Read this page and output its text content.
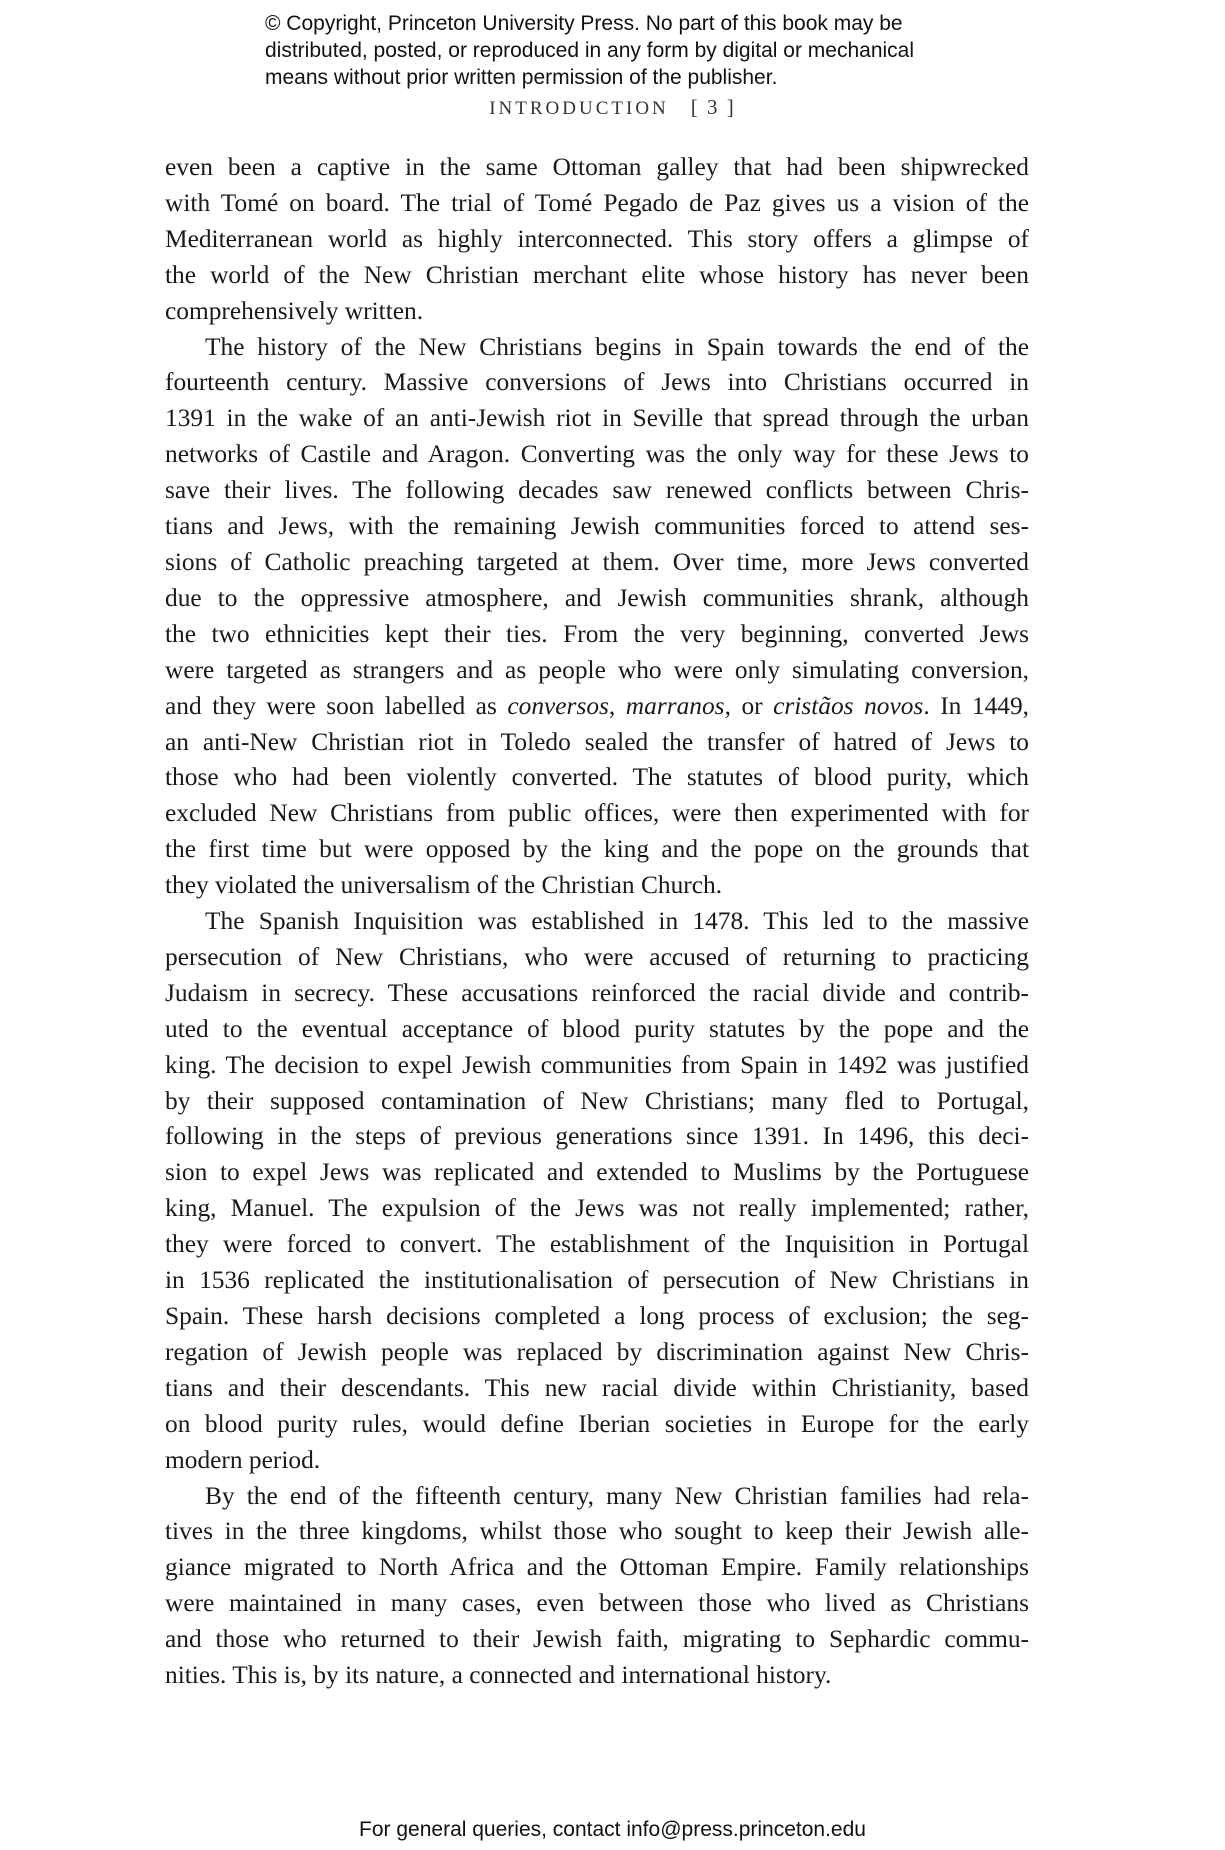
© Copyright, Princeton University Press. No part of this book may be
distributed, posted, or reproduced in any form by digital or mechanical
means without prior written permission of the publisher.
INTRODUCTION [ 3 ]

even been a captive in the same Ottoman galley that had been shipwrecked
with Tomé on board. The trial of Tomé Pegado de Paz gives us a vision of the
Mediterranean world as highly interconnected. This story offers a glimpse of
the world of the New Christian merchant elite whose history has never been
comprehensively written.

The history of the New Christians begins in Spain towards the end of the
fourteenth century. Massive conversions of Jews into Christians occurred in
1391 in the wake of an anti-Jewish riot in Seville that spread through the urban
networks of Castile and Aragon. Converting was the only way for these Jews to
save their lives. The following decades saw renewed conflicts between Chris-
tians and Jews, with the remaining Jewish communities forced to attend ses-
sions of Catholic preaching targeted at them. Over time, more Jews converted
due to the oppressive atmosphere, and Jewish communities shrank, although
the two ethnicities kept their ties. From the very beginning, converted Jews
were targeted as strangers and as people who were only simulating conversion,
and they were soon labelled as conversos, marranos, or cristãos novos. In 1449,
an anti-New Christian riot in Toledo sealed the transfer of hatred of Jews to
those who had been violently converted. The statutes of blood purity, which
excluded New Christians from public offices, were then experimented with for
the first time but were opposed by the king and the pope on the grounds that
they violated the universalism of the Christian Church.

The Spanish Inquisition was established in 1478. This led to the massive
persecution of New Christians, who were accused of returning to practicing
Judaism in secrecy. These accusations reinforced the racial divide and contrib-
uted to the eventual acceptance of blood purity statutes by the pope and the
king. The decision to expel Jewish communities from Spain in 1492 was justified
by their supposed contamination of New Christians; many fled to Portugal,
following in the steps of previous generations since 1391. In 1496, this deci-
sion to expel Jews was replicated and extended to Muslims by the Portuguese
king, Manuel. The expulsion of the Jews was not really implemented; rather,
they were forced to convert. The establishment of the Inquisition in Portugal
in 1536 replicated the institutionalisation of persecution of New Christians in
Spain. These harsh decisions completed a long process of exclusion; the seg-
regation of Jewish people was replaced by discrimination against New Chris-
tians and their descendants. This new racial divide within Christianity, based
on blood purity rules, would define Iberian societies in Europe for the early
modern period.

By the end of the fifteenth century, many New Christian families had rela-
tives in the three kingdoms, whilst those who sought to keep their Jewish alle-
giance migrated to North Africa and the Ottoman Empire. Family relationships
were maintained in many cases, even between those who lived as Christians
and those who returned to their Jewish faith, migrating to Sephardic commu-
nities. This is, by its nature, a connected and international history.

For general queries, contact info@press.princeton.edu
